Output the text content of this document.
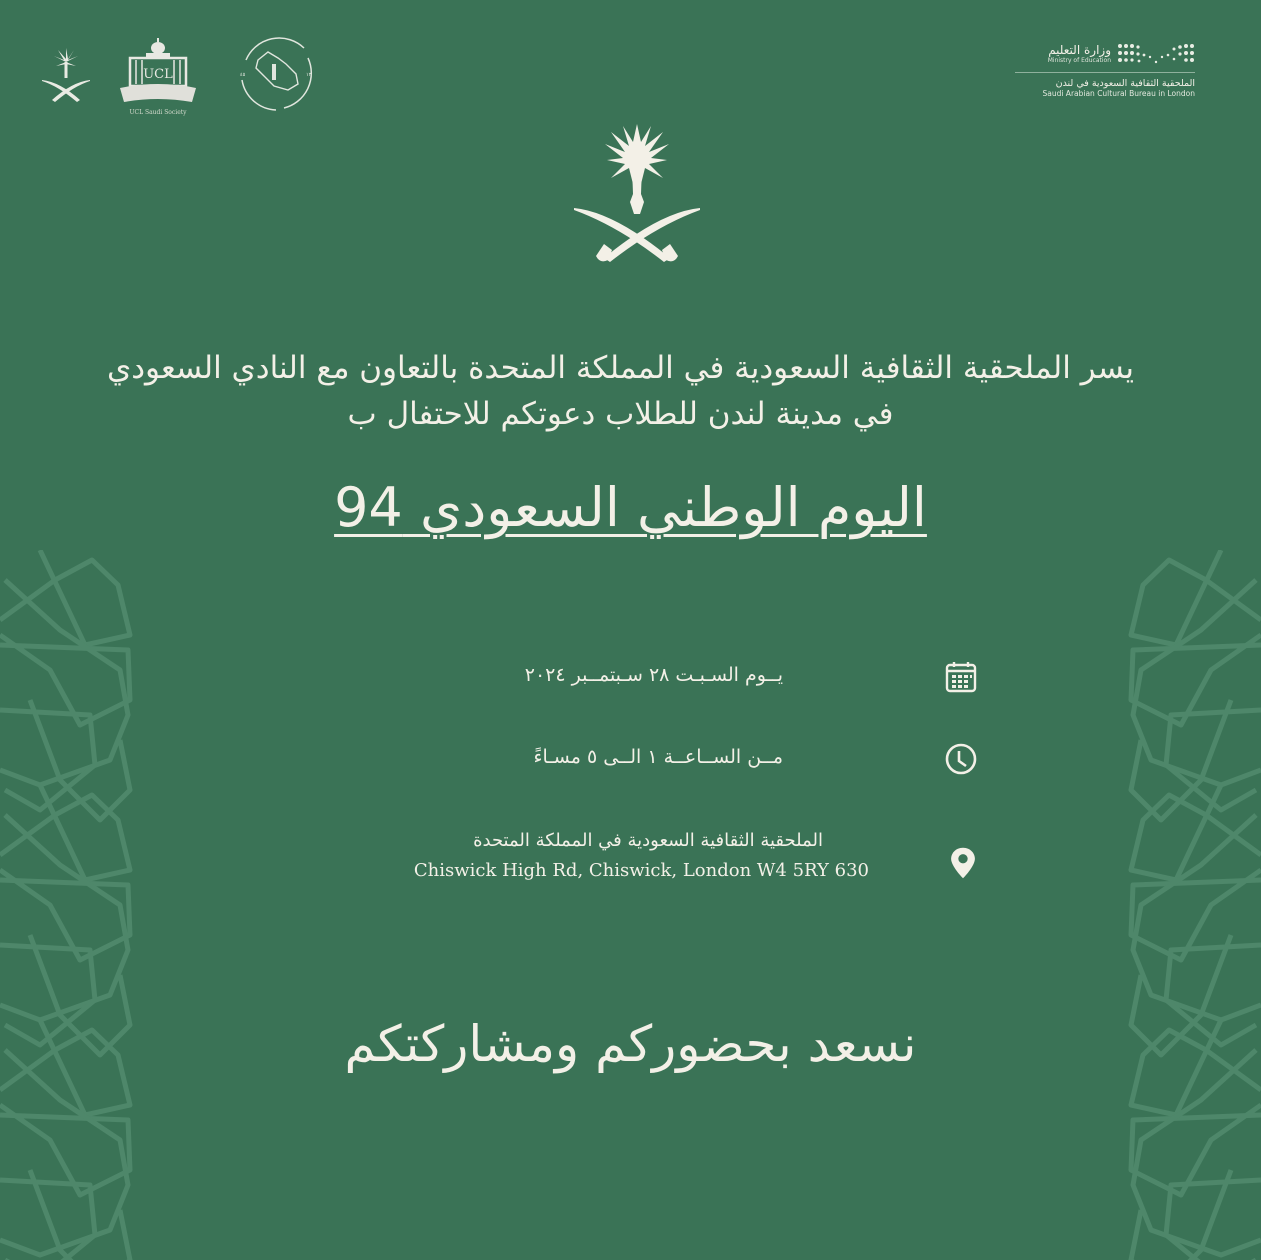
UCL
UCL Saudi Society
٤٥	١٣
وزارة التعليم
Ministry of Education
الملحقية الثقافية السعودية في لندن
Saudi Arabian Cultural Bureau in London
يسر الملحقية الثقافية السعودية في المملكة المتحدة بالتعاون مع النادي السعودي
في مدينة لندن للطلاب دعوتكم للاحتفال ب
اليوم الوطني السعودي 94
يــوم السـبـت ٢٨ سـبتمــبر ٢٠٢٤
مــن الســاعــة ١ الــى ٥ مسـاءً
الملحقية الثقافية السعودية في المملكة المتحدة
Chiswick High Rd, Chiswick, London W4 5RY 630
نسعد بحضوركم ومشاركتكم
